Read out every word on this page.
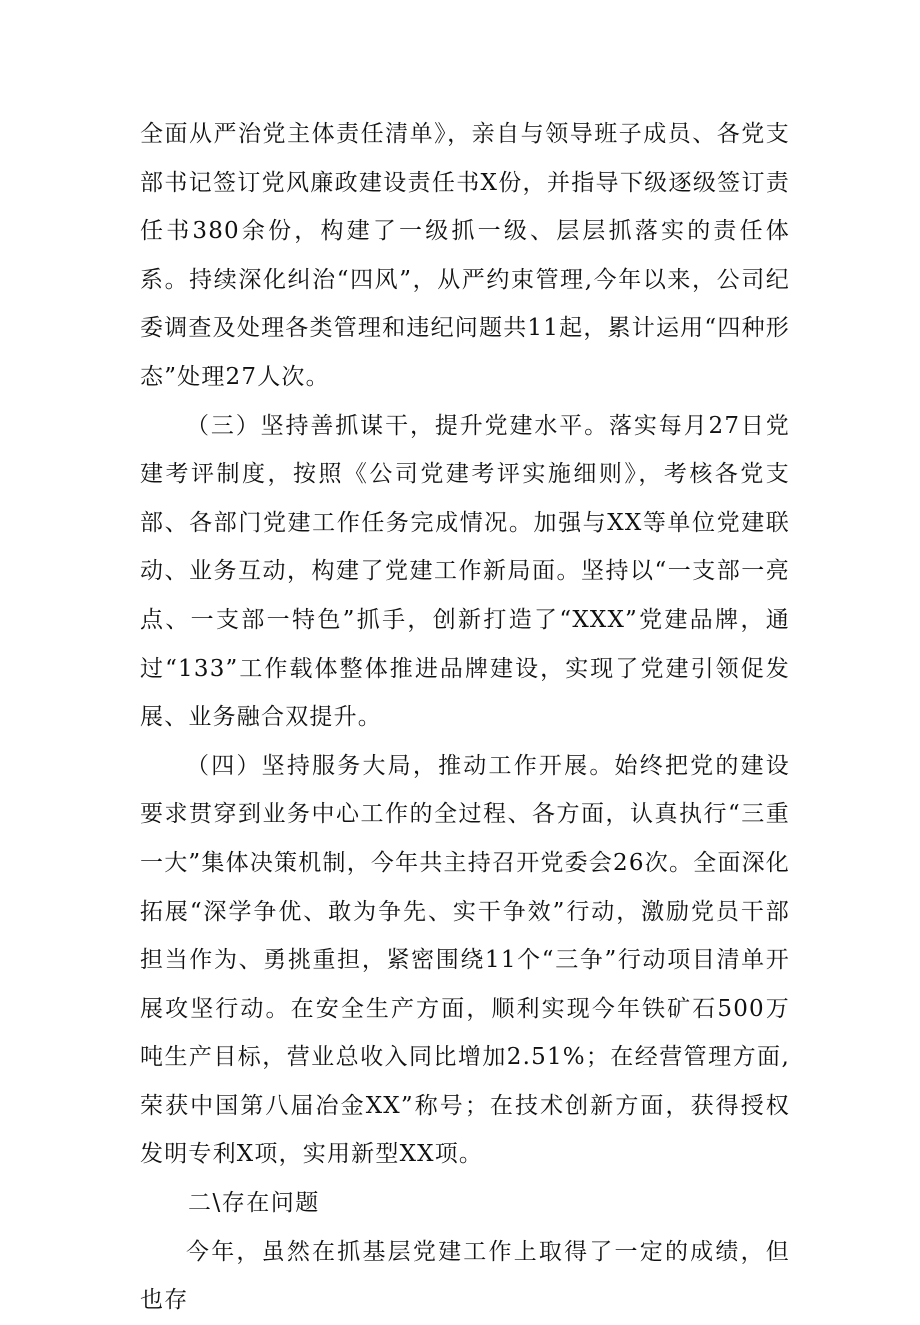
全面从严治党主体责任清单》，亲自与领导班子成员、各党支部书记签订党风廉政建设责任书X份，并指导下级逐级签订责任书380余份，构建了一级抓一级、层层抓落实的责任体系。持续深化纠治“四风”，从严约束管理,今年以来，公司纪委调查及处理各类管理和违纪问题共11起，累计运用“四种形态”处理27人次。

（三）坚持善抓谋干，提升党建水平。落实每月27日党建考评制度，按照《公司党建考评实施细则》，考核各党支部、各部门党建工作任务完成情况。加强与XX等单位党建联动、业务互动，构建了党建工作新局面。坚持以“一支部一亮点、一支部一特色”抓手，创新打造了“XXX”党建品牌，通过“133”工作载体整体推进品牌建设，实现了党建引领促发展、业务融合双提升。

（四）坚持服务大局，推动工作开展。始终把党的建设要求贯穿到业务中心工作的全过程、各方面，认真执行“三重一大”集体决策机制，今年共主持召开党委会26次。全面深化拓展“深学争优、敢为争先、实干争效”行动，激励党员干部担当作为、勇挑重担，紧密围绕11个“三争”行动项目清单开展攻坚行动。在安全生产方面，顺利实现今年铁矿石500万吨生产目标，营业总收入同比增加2.51%；在经营管理方面,荣获中国第八届冶金XX”称号；在技术创新方面，获得授权发明专利X项，实用新型XX项。

二\存在问题

今年，虽然在抓基层党建工作上取得了一定的成绩，但也存
